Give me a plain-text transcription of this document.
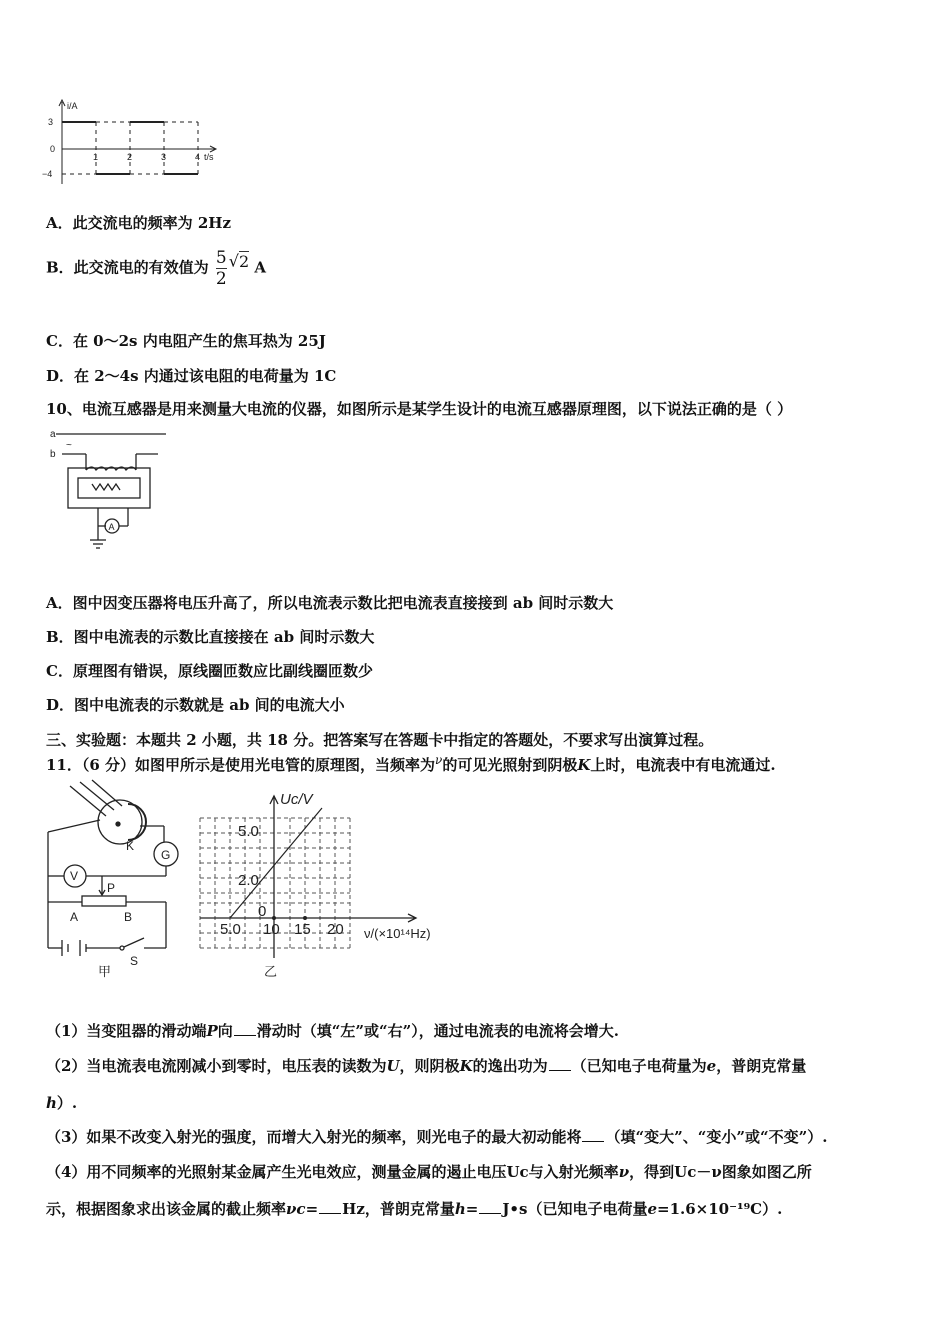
i/A
3
0
−4
1	2	3	4 t/s
A．此交流电的频率为 2Hz
B．此交流电的有效值为 $\frac{5}{2} √2$ A
C．在 0～2s 内电阻产生的焦耳热为 25J
D．在 2～4s 内通过该电阻的电荷量为 1C
10、电流互感器是用来测量大电流的仪器，如图所示是某学生设计的电流互感器原理图，以下说法正确的是（ ）
a
b
~
A
A．图中因变压器将电压升高了，所以电流表示数比把电流表直接接到 ab 间时示数大
B．图中电流表的示数比直接接在 ab 间时示数大
C．原理图有错误，原线圈匝数应比副线圈匝数少
D．图中电流表的示数就是 ab 间的电流大小
三、实验题：本题共 2 小题，共 18 分。把答案写在答题卡中指定的答题处，不要求写出演算过程。
11．（6 分）如图甲所示是使用光电管的原理图，当频率为$^\nu$的可见光照射到阴极K上时，电流表中有电流通过.
K
G
V
P
A	B
S
甲
Uc/V
5.0
2.0
0
5.0 10 15 20 ν/(×10¹⁴Hz)
乙
（1）当变阻器的滑动端P向 滑动时（填“左”或“右”），通过电流表的电流将会增大.
（2）当电流表电流刚减小到零时，电压表的读数为U，则阴极K的逸出功为 （已知电子电荷量为e，普朗克常量
h）.
（3）如果不改变入射光的强度，而增大入射光的频率，则光电子的最大初动能将 （填“变大”、“变小”或“不变”）.
（4）用不同频率的光照射某金属产生光电效应，测量金属的遏止电压Uc与入射光频率ν，得到Uc－ν图象如图乙所
示，根据图象求出该金属的截止频率νc= Hz，普朗克常量h= J•s（已知电子电荷量e=1.6×10⁻¹⁹C）.
